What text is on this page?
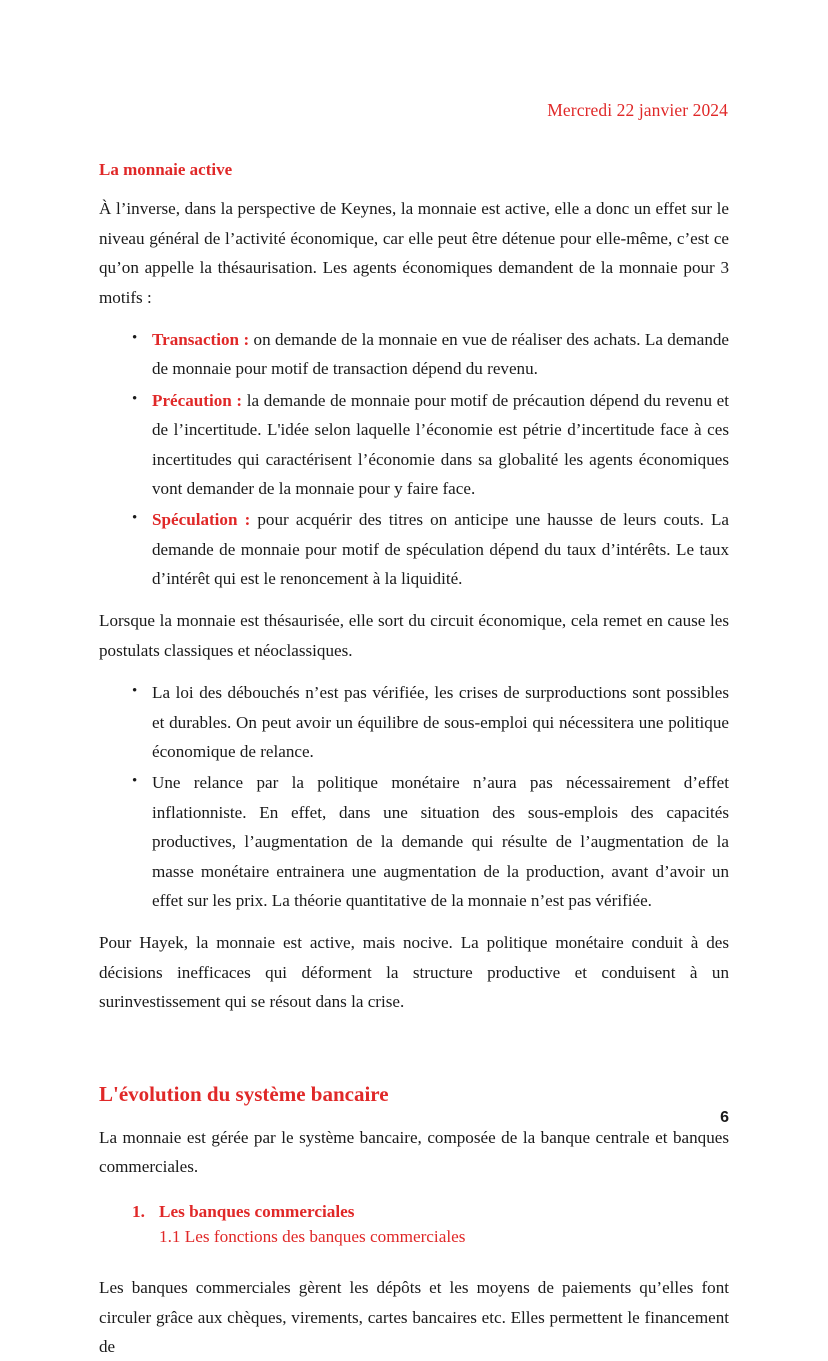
Mercredi 22 janvier 2024
La monnaie active

À l’inverse, dans la perspective de Keynes, la monnaie est active, elle a donc un effet sur le niveau général de l’activité économique, car elle peut être détenue pour elle-même, c’est ce qu’on appelle la thésaurisation. Les agents économiques demandent de la monnaie pour 3 motifs :

• Transaction : on demande de la monnaie en vue de réaliser des achats. La demande de monnaie pour motif de transaction dépend du revenu.
• Précaution : la demande de monnaie pour motif de précaution dépend du revenu et de l’incertitude. L'idée selon laquelle l’économie est pétrie d’incertitude face à ces incertitudes qui caractérisent l’économie dans sa globalité les agents économiques vont demander de la monnaie pour y faire face.
• Spéculation : pour acquérir des titres on anticipe une hausse de leurs couts. La demande de monnaie pour motif de spéculation dépend du taux d’intérêts. Le taux d’intérêt qui est le renoncement à la liquidité.

Lorsque la monnaie est thésaurisée, elle sort du circuit économique, cela remet en cause les postulats classiques et néoclassiques.

• La loi des débouchés n’est pas vérifiée, les crises de surproductions sont possibles et durables. On peut avoir un équilibre de sous-emploi qui nécessitera une politique économique de relance.
• Une relance par la politique monétaire n’aura pas nécessairement d’effet inflationniste. En effet, dans une situation des sous-emplois des capacités productives, l’augmentation de la demande qui résulte de l’augmentation de la masse monétaire entrainera une augmentation de la production, avant d’avoir un effet sur les prix. La théorie quantitative de la monnaie n’est pas vérifiée.

Pour Hayek, la monnaie est active, mais nocive. La politique monétaire conduit à des décisions inefficaces qui déforment la structure productive et conduisent à un surinvestissement qui se résout dans la crise.

L'évolution du système bancaire

La monnaie est gérée par le système bancaire, composée de la banque centrale et banques commerciales.

1. Les banques commerciales
1.1 Les fonctions des banques commerciales

Les banques commerciales gèrent les dépôts et les moyens de paiements qu’elles font circuler grâce aux chèques, virements, cartes bancaires etc. Elles permettent le financement de

6
